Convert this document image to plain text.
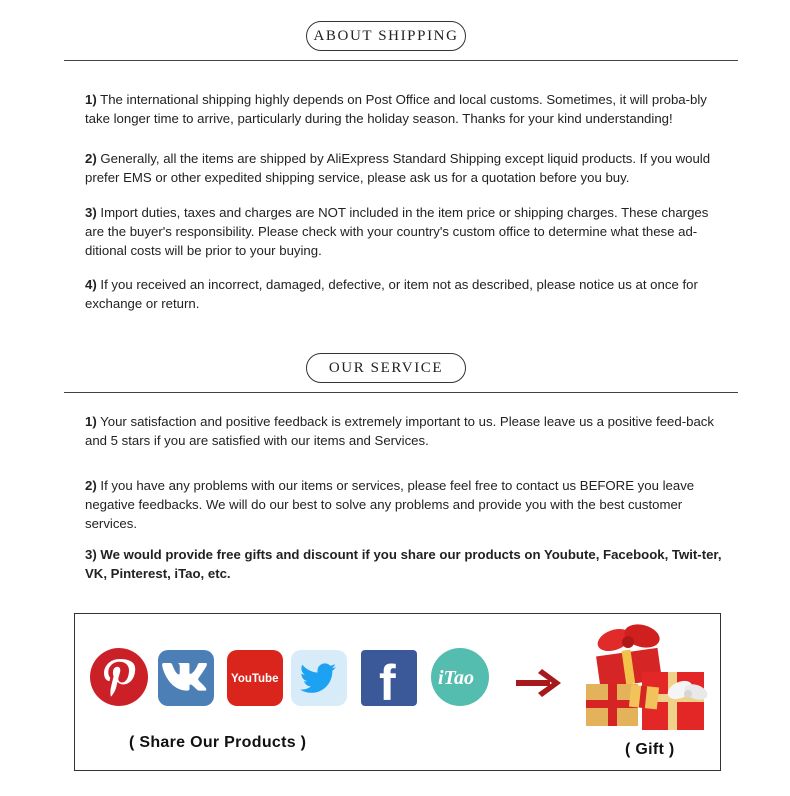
ABOUT SHIPPING
1) The international shipping highly depends on Post Office and local customs. Sometimes, it will proba-bly take longer time to arrive, particularly during the holiday season. Thanks for your kind understanding!
2) Generally, all the items are shipped by AliExpress Standard Shipping except liquid products. If you would prefer EMS or other expedited shipping service, please ask us for a quotation before you buy.
3) Import duties, taxes and charges are NOT included in the item price or shipping charges. These charges are the buyer's responsibility. Please check with your country's custom office to determine what these ad-ditional costs will be prior to your buying.
4) If you received an incorrect, damaged, defective, or item not as described, please notice us at once for exchange or return.
OUR SERVICE
1) Your satisfaction and positive feedback is extremely important to us. Please leave us a positive feed-back and 5 stars if you are satisfied with our items and Services.
2) If you have any problems with our items or services, please feel free to contact us BEFORE you leave negative feedbacks. We will do our best to solve any problems and provide you with the best customer services.
3) We would provide free gifts and discount if you share our products on Youbute, Facebook, Twit-ter, VK, Pinterest, iTao, etc.
YouTube f iTao
( Share Our Products )	( Gift )
